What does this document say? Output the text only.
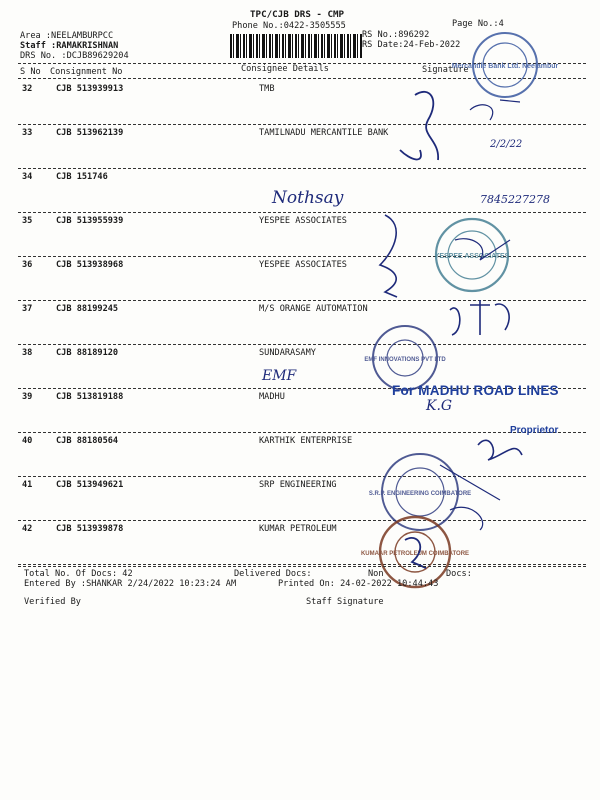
TPC/CJB DRS - CMP
Phone No.:0422-3505555	Page No.:4
Area :NEELAMBURPCC	RS No.:896292
Staff :RAMAKRISHNAN	RS Date:24-Feb-2022
DRS No. :DCJB89629204
S No Consignment No	Consignee Details	Signature
32	CJB 513939913	TMB
33	CJB 513962139	TAMILNADU MERCANTILE BANK
34	CJB 151746
35	CJB 513955939	YESPEE ASSOCIATES
36	CJB 513938968	YESPEE ASSOCIATES
37	CJB 88199245	M/S ORANGE AUTOMATION
38	CJB 88189120	SUNDARASAMY
39	CJB 513819188	MADHU
40	CJB 88180564	KARTHIK ENTERPRISE
41	CJB 513949621	SRP ENGINEERING
42	CJB 513939878	KUMAR PETROLEUM
Mercantile Bank Ltd. Neelambur
2/2/22
Nothsay	7845227278
YESPEE ASSOCIATES
EMF INNOVATIONS PVT LTD
EMF
K.G
S.R.P. ENGINEERING COIMBATORE
KUMAAR PETROLEUM COIMBATORE
For MADHU ROAD LINES
Proprietor
Total No. Of Docs: 42	Delivered Docs:	Non	Docs:
Entered By :SHANKAR 2/24/2022 10:23:24 AM	Printed On: 24-02-2022 10:44:43
Verified By	Staff Signature
